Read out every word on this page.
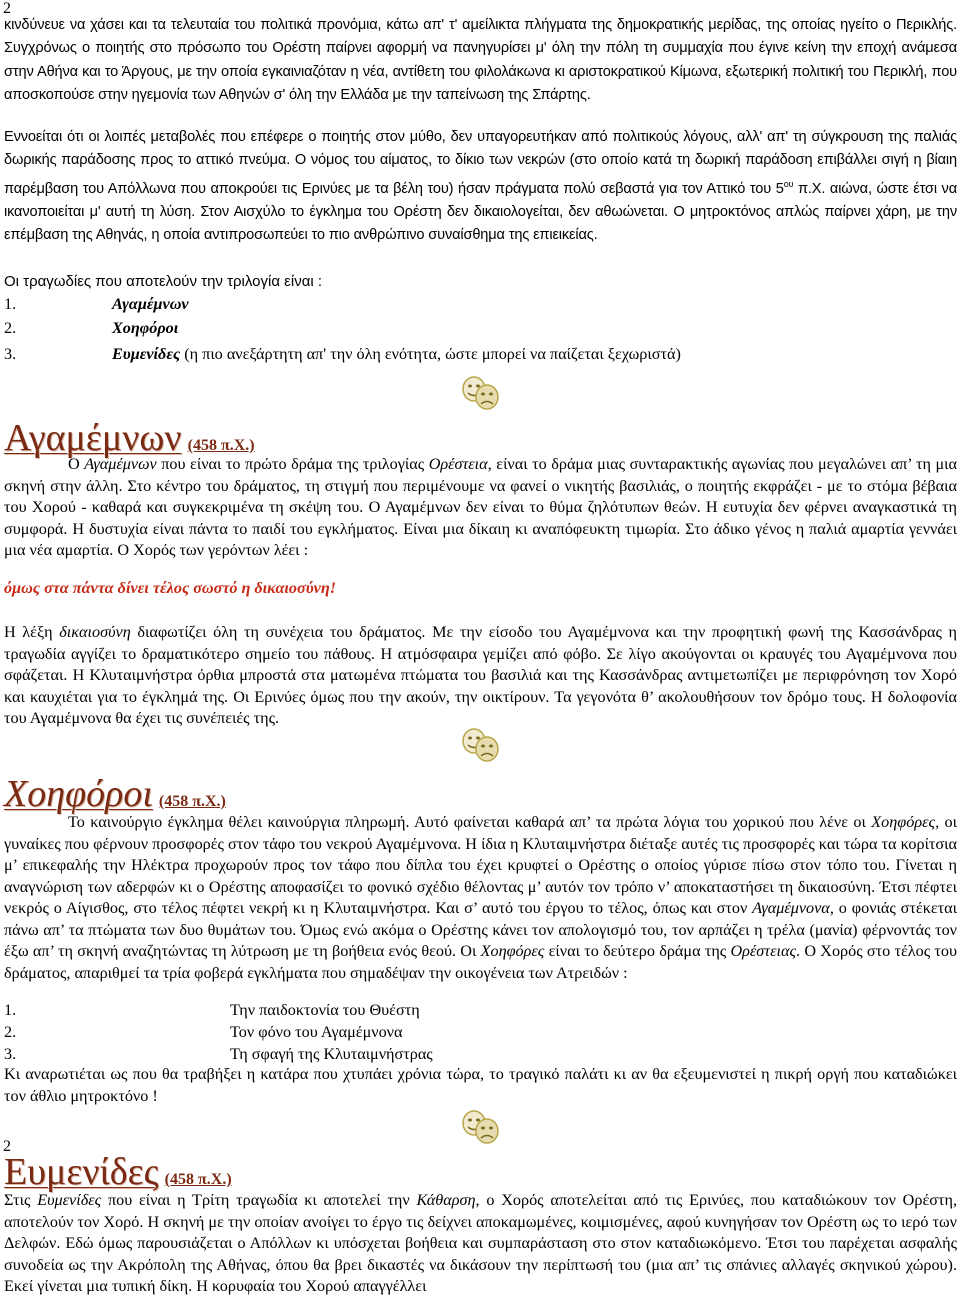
2

κινδύνευε να χάσει και τα τελευταία του πολιτικά προνόμια, κάτω απ' τ' αμείλικτα πλήγματα της δημοκρατικής μερίδας, της οποίας ηγείτο ο Περικλής. Συγχρόνως ο ποιητής στο πρόσωπο του Ορέστη παίρνει αφορμή να πανηγυρίσει μ' όλη την πόλη τη συμμαχία που έγινε κείνη την εποχή ανάμεσα στην Αθήνα και το Άργους, με την οποία εγκαινιαζόταν η νέα, αντίθετη του φιλολάκωνα κι αριστοκρατικού Κίμωνα, εξωτερική πολιτική του Περικλή, που αποσκοπούσε στην ηγεμονία των Αθηνών σ' όλη την Ελλάδα με την ταπείνωση της Σπάρτης.

Εννοείται ότι οι λοιπές μεταβολές που επέφερε ο ποιητής στον μύθο, δεν υπαγορευτήκαν από πολιτικούς λόγους, αλλ' απ' τη σύγκρουση της παλιάς δωρικής παράδοσης προς το αττικό πνεύμα. Ο νόμος του αίματος, το δίκιο των νεκρών (στο οποίο κατά τη δωρική παράδοση επιβάλλει σιγή η βίαιη παρέμβαση του Απόλλωνα που αποκρούει τις Ερινύες με τα βέλη του) ήσαν πράγματα πολύ σεβαστά για τον Αττικό του $5^{o\upsilon}$ π.Χ. αιώνα, ώστε έτσι να ικανοποιείται μ' αυτή τη λύση. Στον Αισχύλο το έγκλημα του Ορέστη δεν δικαιολογείται, δεν αθωώνεται. Ο μητροκτόνος απλώς παίρνει χάρη, με την επέμβαση της Αθηνάς, η οποία αντιπροσωπεύει το πιο ανθρώπινο συναίσθημα της επιεικείας.

Οι τραγωδίες που αποτελούν την τριλογία είναι :

1.	Αγαμέμνων
2.	Χοηφόροι
3.	Ευμενίδες (η πιο ανεξάρτητη απ' την όλη ενότητα, ώστε μπορεί να παίζεται ξεχωριστά)
Αγαμέμνων (458 π.Χ.)

Ο Αγαμέμνων που είναι το πρώτο δράμα της τριλογίας Ορέστεια, είναι το δράμα μιας συνταρακτικής αγωνίας που μεγαλώνει απ’ τη μια σκηνή στην άλλη. Στο κέντρο του δράματος, τη στιγμή που περιμένουμε να φανεί ο νικητής βασιλιάς, ο ποιητής εκφράζει - με το στόμα βέβαια του Χορού - καθαρά και συγκεκριμένα τη σκέψη του. Ο Αγαμέμνων δεν είναι το θύμα ζηλότυπων θεών. Η ευτυχία δεν φέρνει αναγκαστικά τη συμφορά. Η δυστυχία είναι πάντα το παιδί του εγκλήματος. Είναι μια δίκαιη κι αναπόφευκτη τιμωρία. Στο άδικο γένος η παλιά αμαρτία γεννάει μια νέα αμαρτία. Ο Χορός των γερόντων λέει :

όμως στα πάντα δίνει τέλος σωστό η δικαιοσύνη!

Η λέξη δικαιοσύνη διαφωτίζει όλη τη συνέχεια του δράματος. Με την είσοδο του Αγαμέμνονα και την προφητική φωνή της Κασσάνδρας η τραγωδία αγγίζει το δραματικότερο σημείο του πάθους. Η ατμόσφαιρα γεμίζει από φόβο. Σε λίγο ακούγονται οι κραυγές του Αγαμέμνονα που σφάζεται. Η Κλυταιμνήστρα όρθια μπροστά στα ματωμένα πτώματα του βασιλιά και της Κασσάνδρας αντιμετωπίζει με περιφρόνηση τον Χορό και καυχιέται για το έγκλημά της. Οι Ερινύες όμως που την ακούν, την οικτίρουν. Τα γεγονότα θ’ ακολουθήσουν τον δρόμο τους. Η δολοφονία του Αγαμέμνονα θα έχει τις συνέπειές της.

Χοηφόροι (458 π.Χ.)

Το καινούργιο έγκλημα θέλει καινούργια πληρωμή. Αυτό φαίνεται καθαρά απ’ τα πρώτα λόγια του χορικού που λένε οι Χοηφόρες, οι γυναίκες που φέρνουν προσφορές στον τάφο του νεκρού Αγαμέμνονα. Η ίδια η Κλυταιμνήστρα διέταξε αυτές τις προσφορές και τώρα τα κορίτσια μ’ επικεφαλής την Ηλέκτρα προχωρούν προς τον τάφο που δίπλα του έχει κρυφτεί ο Ορέστης ο οποίος γύρισε πίσω στον τόπο του. Γίνεται η αναγνώριση των αδερφών κι ο Ορέστης αποφασίζει το φονικό σχέδιο θέλοντας μ’ αυτόν τον τρόπο ν’ αποκαταστήσει τη δικαιοσύνη. Έτσι πέφτει νεκρός ο Αίγισθος, στο τέλος πέφτει νεκρή κι η Κλυταιμνήστρα. Και σ’ αυτό του έργου το τέλος, όπως και στον Αγαμέμνονα, ο φονιάς στέκεται πάνω απ’ τα πτώματα των δυο θυμάτων του. Όμως ενώ ακόμα ο Ορέστης κάνει τον απολογισμό του, τον αρπάζει η τρέλα (μανία) φέρνοντάς τον έξω απ’ τη σκηνή αναζητώντας τη λύτρωση με τη βοήθεια ενός θεού. Οι Χοηφόρες είναι το δεύτερο δράμα της Ορέστειας. Ο Χορός στο τέλος του δράματος, απαριθμεί τα τρία φοβερά εγκλήματα που σημαδέψαν την οικογένεια των Ατρειδών :

1.	Την παιδοκτονία του Θυέστη
2.	Τον φόνο του Αγαμέμνονα
3.	Τη σφαγή της Κλυταιμνήστρας

Κι αναρωτιέται ως που θα τραβήξει η κατάρα που χτυπάει χρόνια τώρα, το τραγικό παλάτι κι αν θα εξευμενιστεί η πικρή οργή που καταδιώκει τον άθλιο μητροκτόνο !

2
Ευμενίδες (458 π.Χ.)

Στις Ευμενίδες που είναι η Τρίτη τραγωδία κι αποτελεί την Κάθαρση, ο Χορός αποτελείται από τις Ερινύες, που καταδιώκουν τον Ορέστη, αποτελούν τον Χορό. Η σκηνή με την οποίαν ανοίγει το έργο τις δείχνει αποκαμωμένες, κοιμισμένες, αφού κυνηγήσαν τον Ορέστη ως το ιερό των Δελφών. Εδώ όμως παρουσιάζεται ο Απόλλων κι υπόσχεται βοήθεια και συμπαράσταση στο στον καταδιωκόμενο. Έτσι του παρέχεται ασφαλής συνοδεία ως την Ακρόπολη της Αθήνας, όπου θα βρει δικαστές να δικάσουν την περίπτωσή του (μια απ’ τις σπάνιες αλλαγές σκηνικού χώρου). Εκεί γίνεται μια τυπική δίκη. Η κορυφαία του Χορού απαγγέλλει
